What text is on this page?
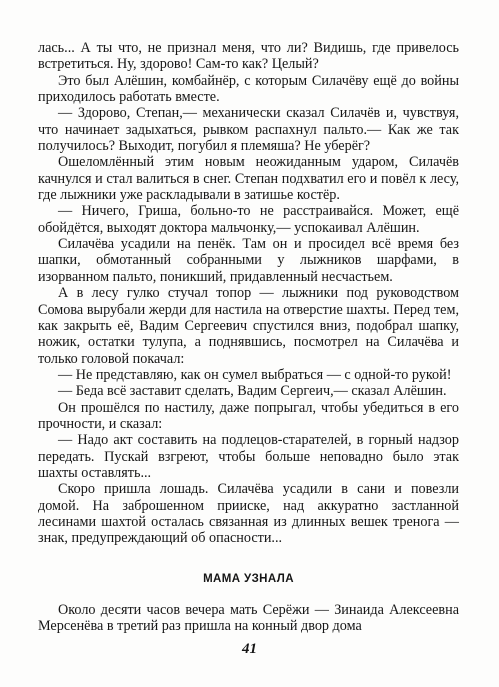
лась... А ты что, не признал меня, что ли? Видишь, где привелось встретиться. Ну, здорово! Сам-то как? Целый?

Это был Алёшин, комбайнёр, с которым Силачёву ещё до войны приходилось работать вместе.

— Здорово, Степан,— механически сказал Силачёв и, чувствуя, что начинает задыхаться, рывком распахнул пальто.— Как же так получилось? Выходит, погубил я племяша? Не уберёг?

Ошеломлённый этим новым неожиданным ударом, Силачёв качнулся и стал валиться в снег. Степан подхватил его и повёл к лесу, где лыжники уже раскладывали в затишье костёр.

— Ничего, Гриша, больно-то не расстраивайся. Может, ещё обойдётся, выходят доктора мальчонку,— успокаивал Алёшин.

Силачёва усадили на пенёк. Там он и просидел всё время без шапки, обмотанный собранными у лыжников шарфами, в изорванном пальто, поникший, придавленный несчастьем.

А в лесу гулко стучал топор — лыжники под руководством Сомова вырубали жерди для настила на отверстие шахты. Перед тем, как закрыть её, Вадим Сергеевич спустился вниз, подобрал шапку, ножик, остатки тулупа, а поднявшись, посмотрел на Силачёва и только головой покачал:

— Не представляю, как он сумел выбраться — с одной-то рукой!

— Беда всё заставит сделать, Вадим Сергеич,— сказал Алёшин.

Он прошёлся по настилу, даже попрыгал, чтобы убедиться в его прочности, и сказал:

— Надо акт составить на подлецов-старателей, в горный надзор передать. Пускай взгреют, чтобы больше неповадно было этак шахты оставлять...

Скоро пришла лошадь. Силачёва усадили в сани и повезли домой. На заброшенном прииске, над аккуратно застланной лесинами шахтой осталась связанная из длинных вешек тренога — знак, предупреждающий об опасности...

МАМА УЗНАЛА

Около десяти часов вечера мать Серёжи — Зинаида Алексеевна Мерсенёва в третий раз пришла на конный двор дома

41
